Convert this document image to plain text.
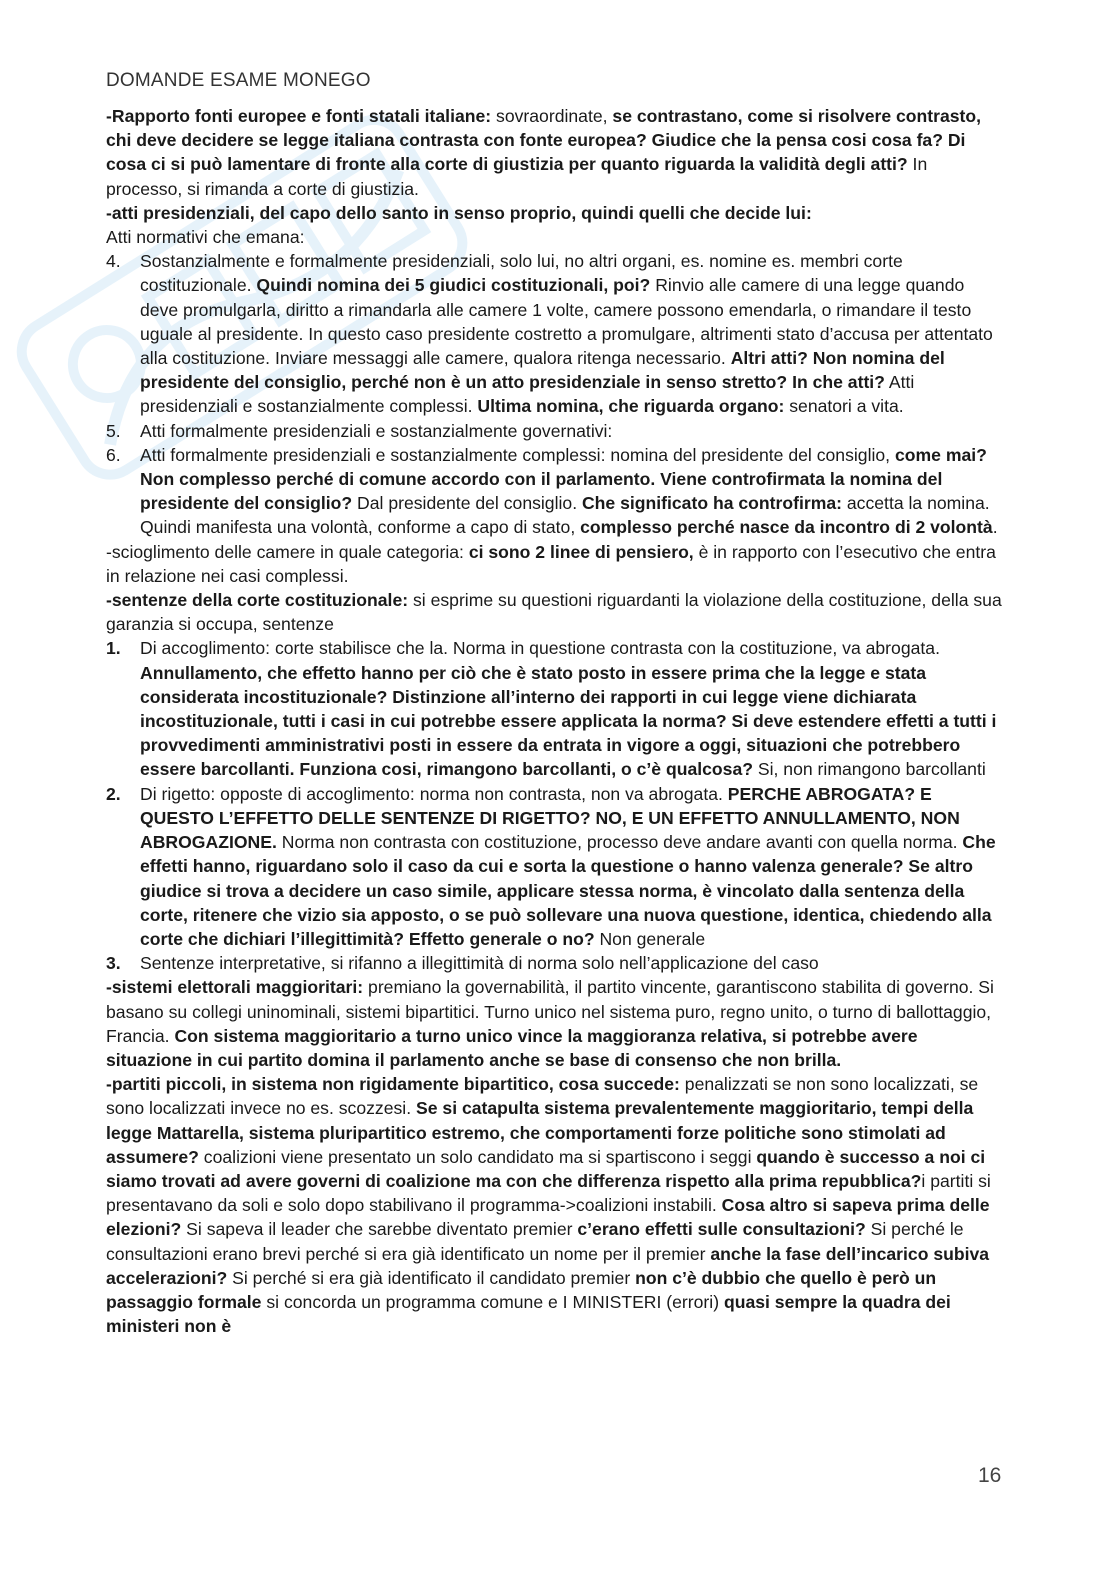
DOMANDE ESAME MONEGO

-Rapporto fonti europee e fonti statali italiane: sovraordinate, se contrastano, come si risolvere contrasto, chi deve decidere se legge italiana contrasta con fonte europea? Giudice che la pensa cosi cosa fa? Di cosa ci si può lamentare di fronte alla corte di giustizia per quanto riguarda la validità degli atti? In processo, si rimanda a corte di giustizia.

-atti presidenziali, del capo dello santo in senso proprio, quindi quelli che decide lui:

Atti normativi che emana:

4. Sostanzialmente e formalmente presidenziali, solo lui, no altri organi, es. nomine es. membri corte costituzionale. Quindi nomina dei 5 giudici costituzionali, poi? Rinvio alle camere di una legge quando deve promulgarla, diritto a rimandarla alle camere 1 volte, camere possono emendarla, o rimandare il testo uguale al presidente. In questo caso presidente costretto a promulgare, altrimenti stato d’accusa per attentato alla costituzione. Inviare messaggi alle camere, qualora ritenga necessario. Altri atti? Non nomina del presidente del consiglio, perché non è un atto presidenziale in senso stretto? In che atti? Atti presidenziali e sostanzialmente complessi. Ultima nomina, che riguarda organo: senatori a vita.

5. Atti formalmente presidenziali e sostanzialmente governativi:

6. Atti formalmente presidenziali e sostanzialmente complessi: nomina del presidente del consiglio, come mai? Non complesso perché di comune accordo con il parlamento. Viene controfirmata la nomina del presidente del consiglio? Dal presidente del consiglio. Che significato ha controfirma: accetta la nomina. Quindi manifesta una volontà, conforme a capo di stato, complesso perché nasce da incontro di 2 volontà.

-scioglimento delle camere in quale categoria: ci sono 2 linee di pensiero, è in rapporto con l’esecutivo che entra in relazione nei casi complessi.

-sentenze della corte costituzionale: si esprime su questioni riguardanti la violazione della costituzione, della sua garanzia si occupa, sentenze

1. Di accoglimento: corte stabilisce che la. Norma in questione contrasta con la costituzione, va abrogata. Annullamento, che effetto hanno per ciò che è stato posto in essere prima che la legge e stata considerata incostituzionale? Distinzione all’interno dei rapporti in cui legge viene dichiarata incostituzionale, tutti i casi in cui potrebbe essere applicata la norma? Si deve estendere effetti a tutti i provvedimenti amministrativi posti in essere da entrata in vigore a oggi, situazioni che potrebbero essere barcollanti. Funziona cosi, rimangono barcollanti, o c’è qualcosa? Si, non rimangono barcollanti

2. Di rigetto: opposte di accoglimento: norma non contrasta, non va abrogata. PERCHE ABROGATA? E QUESTO L’EFFETTO DELLE SENTENZE DI RIGETTO? NO, E UN EFFETTO ANNULLAMENTO, NON ABROGAZIONE. Norma non contrasta con costituzione, processo deve andare avanti con quella norma. Che effetti hanno, riguardano solo il caso da cui e sorta la questione o hanno valenza generale? Se altro giudice si trova a decidere un caso simile, applicare stessa norma, è vincolato dalla sentenza della corte, ritenere che vizio sia apposto, o se può sollevare una nuova questione, identica, chiedendo alla corte che dichiari l’illegittimità? Effetto generale o no? Non generale

3. Sentenze interpretative, si rifanno a illegittimità di norma solo nell’applicazione del caso

-sistemi elettorali maggioritari: premiano la governabilità, il partito vincente, garantiscono stabilita di governo. Si basano su collegi uninominali, sistemi bipartitici. Turno unico nel sistema puro, regno unito, o turno di ballottaggio, Francia. Con sistema maggioritario a turno unico vince la maggioranza relativa, si potrebbe avere situazione in cui partito domina il parlamento anche se base di consenso che non brilla.

-partiti piccoli, in sistema non rigidamente bipartitico, cosa succede: penalizzati se non sono localizzati, se sono localizzati invece no es. scozzesi. Se si catapulta sistema prevalentemente maggioritario, tempi della legge Mattarella, sistema pluripartitico estremo, che comportamenti forze politiche sono stimolati ad assumere? coalizioni viene presentato un solo candidato ma si spartiscono i seggi quando è successo a noi ci siamo trovati ad avere governi di coalizione ma con che differenza rispetto alla prima repubblica?i partiti si presentavano da soli e solo dopo stabilivano il programma->coalizioni instabili. Cosa altro si sapeva prima delle elezioni? Si sapeva il leader che sarebbe diventato premier c’erano effetti sulle consultazioni? Si perché le consultazioni erano brevi perché si era già identificato un nome per il premier anche la fase dell’incarico subiva accelerazioni? Si perché si era già identificato il candidato premier non c’è dubbio che quello è però un passaggio formale si concorda un programma comune e I MINISTERI (errori) quasi sempre la quadra dei ministeri non è

16
